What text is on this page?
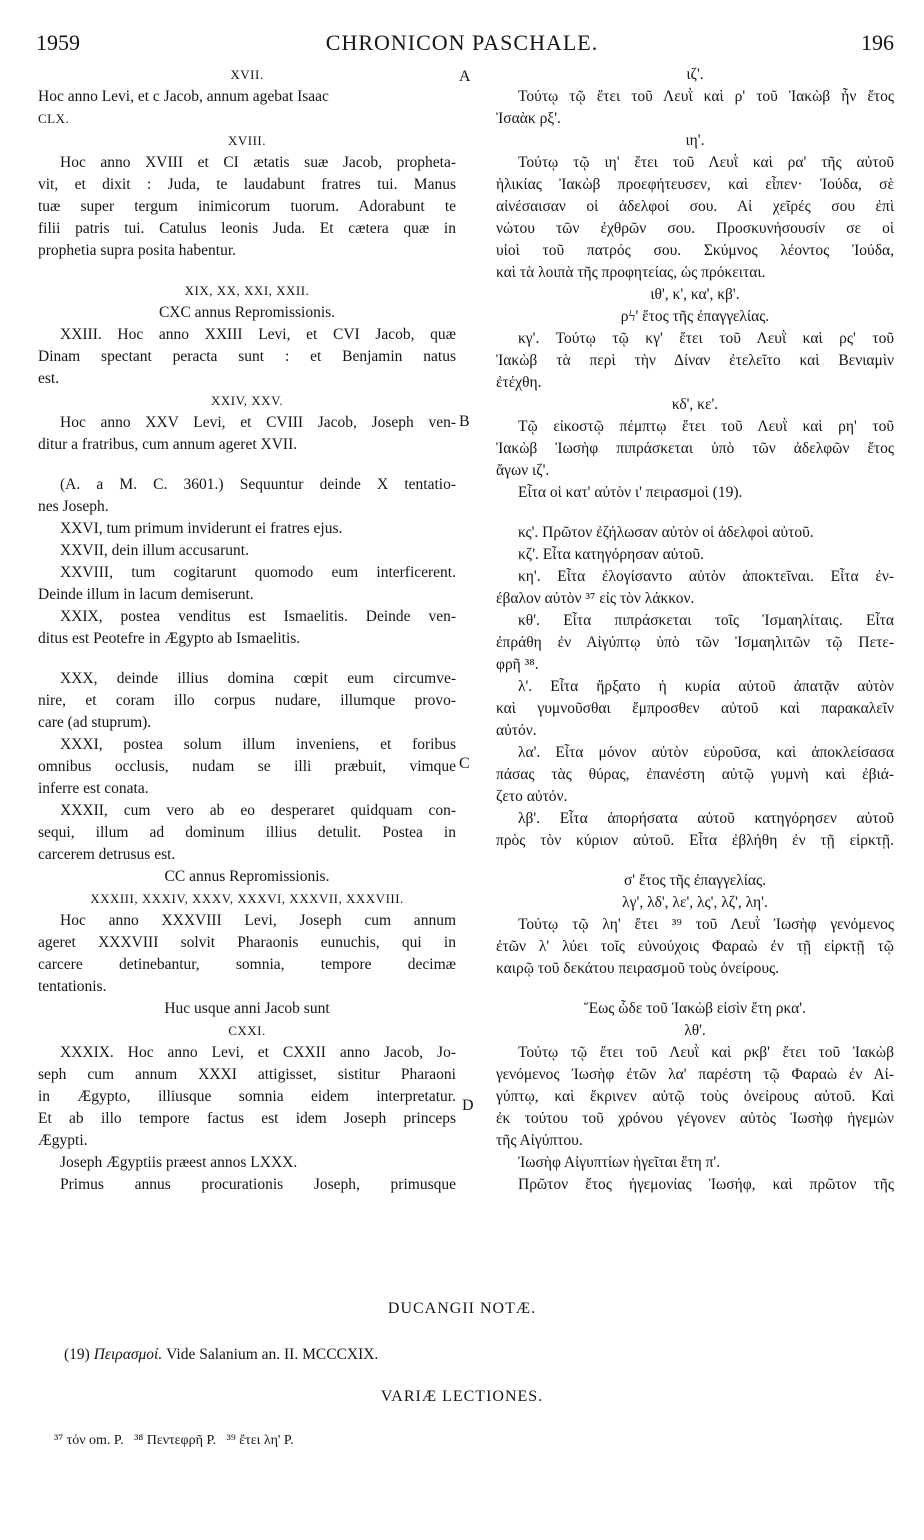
1959	CHRONICON PASCHALE.	196
XVII.
Hoc anno Levi, et c Jacob, annum agebat Isaac
CLX.
XVIII.
Hoc anno XVIII et CI ætatis suæ Jacob, propheta-
vit, et dixit : Juda, te laudabunt fratres tui. Manus
tuæ super tergum inimicorum tuorum. Adorabunt te
filii patris tui. Catulus leonis Juda. Et cætera quæ in
prophetia supra posita habentur.
XIX, XX, XXI, XXII.
CXC annus Repromissionis.
XXIII. Hoc anno XXIII Levi, et CVI Jacob, quæ
Dinam spectant peracta sunt : et Benjamin natus
est.
XXIV, XXV.
Hoc anno XXV Levi, et CVIII Jacob, Joseph ven-
ditur a fratribus, cum annum ageret XVII.
(A. a M. C. 3601.) Sequuntur deinde X tentatio-
nes Joseph.
XXVI, tum primum inviderunt ei fratres ejus.
XXVII, dein illum accusarunt.
XXVIII, tum cogitarunt quomodo eum interficerent.
Deinde illum in lacum demiserunt.
XXIX, postea venditus est Ismaelitis. Deinde ven-
ditus est Peotefre in Ægypto ab Ismaelitis.
XXX, deinde illius domina cœpit eum circumve-
nire, et coram illo corpus nudare, illumque provo-
care (ad stuprum).
XXXI, postea solum illum inveniens, et foribus
omnibus occlusis, nudam se illi præbuit, vimque
inferre est conata.
XXXII, cum vero ab eo desperaret quidquam con-
sequi, illum ad dominum illius detulit. Postea in
carcerem detrusus est.
CC annus Repromissionis.
XXXIII, XXXIV, XXXV, XXXVI, XXXVII, XXXVIII.
Hoc anno XXXVIII Levi, Joseph cum annum
ageret XXXVIII solvit Pharaonis eunuchis, qui in
carcere detinebantur, somnia, tempore decimæ
tentationis.
Huc usque anni Jacob sunt
CXXI.
XXXIX. Hoc anno Levi, et CXXII anno Jacob, Jo-
seph cum annum XXXI attigisset, sistitur Pharaoni
in Ægypto, illiusque somnia eidem interpretatur.
Et ab illo tempore factus est idem Joseph princeps
Ægypti.
Joseph Ægyptiis præest annos LXXX.
Primus annus procurationis Joseph, primusque
ιζ'.
Τούτῳ τῷ ἔτει τοῦ Λευῒ καὶ ρ' τοῦ Ἰακὼβ ἦν ἔτος
Ἰσαὰκ ρξ'.
ιη'.
Τούτῳ τῷ ιη' ἔτει τοῦ Λευῒ καὶ ρα' τῆς αὐτοῦ
ἡλικίας Ἰακὼβ προεφήτευσεν, καὶ εἶπεν· Ἰούδα, σὲ
αἰνέσαισαν οἱ ἀδελφοί σου. Αἱ χεῖρές σου ἐπὶ
νώτου τῶν ἐχθρῶν σου. Προσκυνήσουσίν σε οἱ
υἱοὶ τοῦ πατρός σου. Σκύμνος λέοντος Ἰούδα,
καὶ τὰ λοιπὰ τῆς προφητείας, ὡς πρόκειται.
ιθ', κ', κα', κβ'.
ρϟ' ἔτος τῆς ἐπαγγελίας.
κγ'. Τούτῳ τῷ κγ' ἔτει τοῦ Λευῒ καὶ ρς' τοῦ
Ἰακὼβ τὰ περὶ τὴν Δίναν ἐτελεῖτο καὶ Βενιαμὶν
ἐτέχθη.
κδ', κε'.
Τῷ εἰκοστῷ πέμπτῳ ἔτει τοῦ Λευῒ καὶ ρη' τοῦ
Ἰακὼβ Ἰωσὴφ πιπράσκεται ὑπὸ τῶν ἀδελφῶν ἔτος
ἄγων ιζ'.
Εἶτα οἱ κατ' αὐτὸν ι' πειρασμοὶ (19).
κς'. Πρῶτον ἐζήλωσαν αὐτὸν οἱ ἀδελφοὶ αὐτοῦ.
κζ'. Εἶτα κατηγόρησαν αὐτοῦ.
κη'. Εἶτα ἐλογίσαντο αὐτὸν ἀποκτεῖναι. Εἶτα ἐν-
έβαλον αὐτὸν ³⁷ εἰς τὸν λάκκον.
κθ'. Εἶτα πιπράσκεται τοῖς Ἰσμαηλίταις. Εἶτα
ἐπράθη ἐν Αἰγύπτῳ ὑπὸ τῶν Ἰσμαηλιτῶν τῷ Πετε-
φρῆ ³⁸.
λ'. Εἶτα ἤρξατο ἡ κυρία αὐτοῦ ἀπατᾷν αὐτὸν
καὶ γυμνοῦσθαι ἔμπροσθεν αὐτοῦ καὶ παρακαλεῖν
αὐτόν.
λα'. Εἶτα μόνον αὐτὸν εὑροῦσα, καὶ ἀποκλείσασα
πάσας τὰς θύρας, ἐπανέστη αὐτῷ γυμνὴ καὶ ἐβιά-
ζετο αὐτόν.
λβ'. Εἶτα ἀπορήσατα αὐτοῦ κατηγόρησεν αὐτοῦ
πρὸς τὸν κύριον αὐτοῦ. Εἶτα ἐβλήθη ἐν τῇ εἱρκτῇ.
σ' ἔτος τῆς ἐπαγγελίας.
λγ', λδ', λε', λς', λζ', λη'.
Τούτῳ τῷ λη' ἔτει ³⁹ τοῦ Λευῒ Ἰωσὴφ γενόμενος
ἐτῶν λ' λύει τοῖς εὐνούχοις Φαραὼ ἐν τῇ εἱρκτῇ τῷ
καιρῷ τοῦ δεκάτου πειρασμοῦ τοὺς ὀνείρους.
Ἕως ὧδε τοῦ Ἰακὼβ εἰσὶν ἔτη ρκα'.
λθ'.
Τούτῳ τῷ ἔτει τοῦ Λευῒ καὶ ρκβ' ἔτει τοῦ Ἰακὼβ
γενόμενος Ἰωσὴφ ἐτῶν λα' παρέστη τῷ Φαραὼ ἐν Αἰ-
γύπτῳ, καὶ ἔκρινεν αὐτῷ τοὺς ὀνείρους αὐτοῦ. Καὶ
ἐκ τούτου τοῦ χρόνου γέγονεν αὐτὸς Ἰωσὴφ ἡγεμὼν
τῆς Αἰγύπτου.
Ἰωσὴφ Αἰγυπτίων ἡγεῖται ἔτη π'.
Πρῶτον ἔτος ἡγεμονίας Ἰωσήφ, καὶ πρῶτον τῆς
A
B
C
D
DUCANGII NOTÆ.
(19) Πειρασμοί. Vide Salanium an. II. MCCCXIX.
VARIÆ LECTIONES.
³⁷ τόν om. P.   ³⁸ Πεντεφρῆ P.   ³⁹ ἔτει λη' P.
